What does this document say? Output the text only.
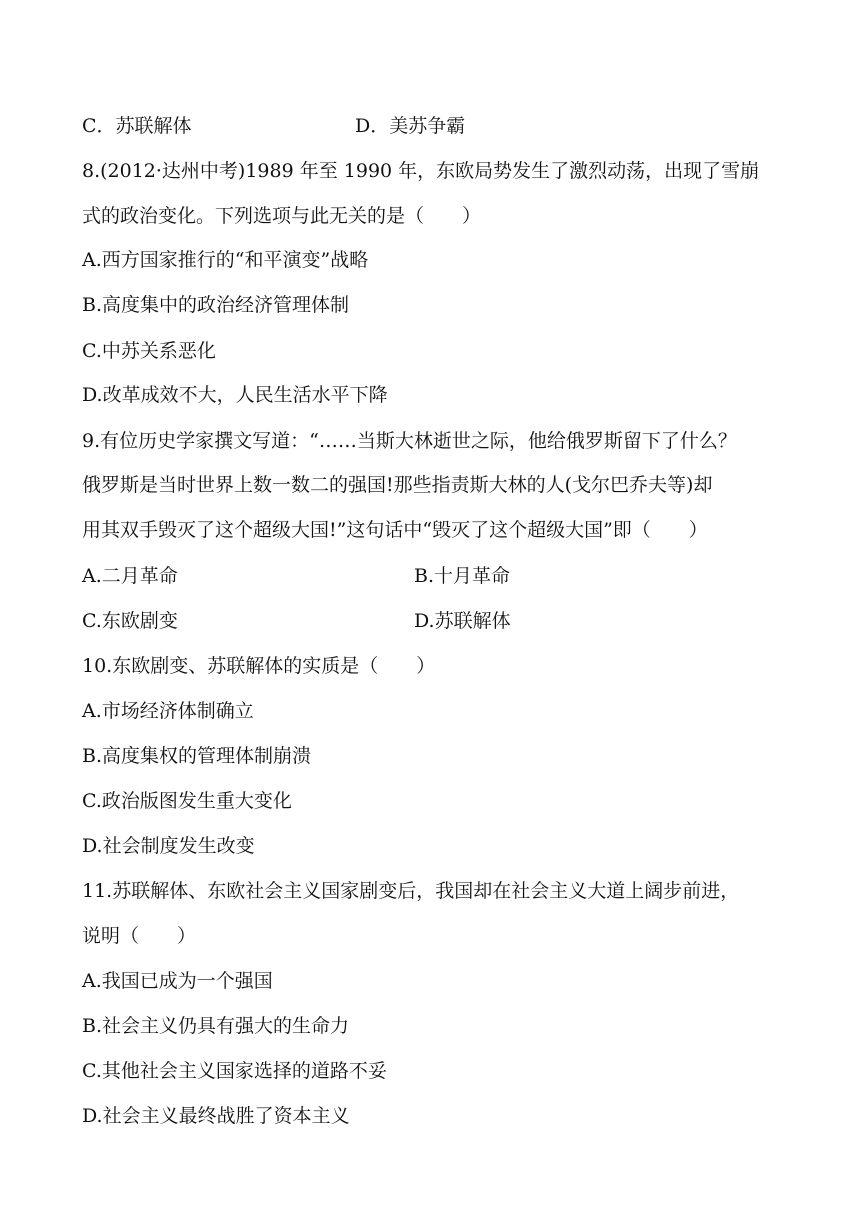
C．苏联解体	D．美苏争霸
8.(2012·达州中考)1989 年至 1990 年，东欧局势发生了激烈动荡，出现了雪崩
式的政治变化。下列选项与此无关的是（　　）
A.西方国家推行的“和平演变”战略
B.高度集中的政治经济管理体制
C.中苏关系恶化
D.改革成效不大，人民生活水平下降
9.有位历史学家撰文写道：“……当斯大林逝世之际，他给俄罗斯留下了什么？
俄罗斯是当时世界上数一数二的强国!那些指责斯大林的人(戈尔巴乔夫等)却
用其双手毁灭了这个超级大国!”这句话中“毁灭了这个超级大国”即（　　）
A.二月革命	B.十月革命
C.东欧剧变	D.苏联解体
10.东欧剧变、苏联解体的实质是（　　）
A.市场经济体制确立
B.高度集权的管理体制崩溃
C.政治版图发生重大变化
D.社会制度发生改变
11.苏联解体、东欧社会主义国家剧变后，我国却在社会主义大道上阔步前进，
说明（　　）
A.我国已成为一个强国
B.社会主义仍具有强大的生命力
C.其他社会主义国家选择的道路不妥
D.社会主义最终战胜了资本主义
